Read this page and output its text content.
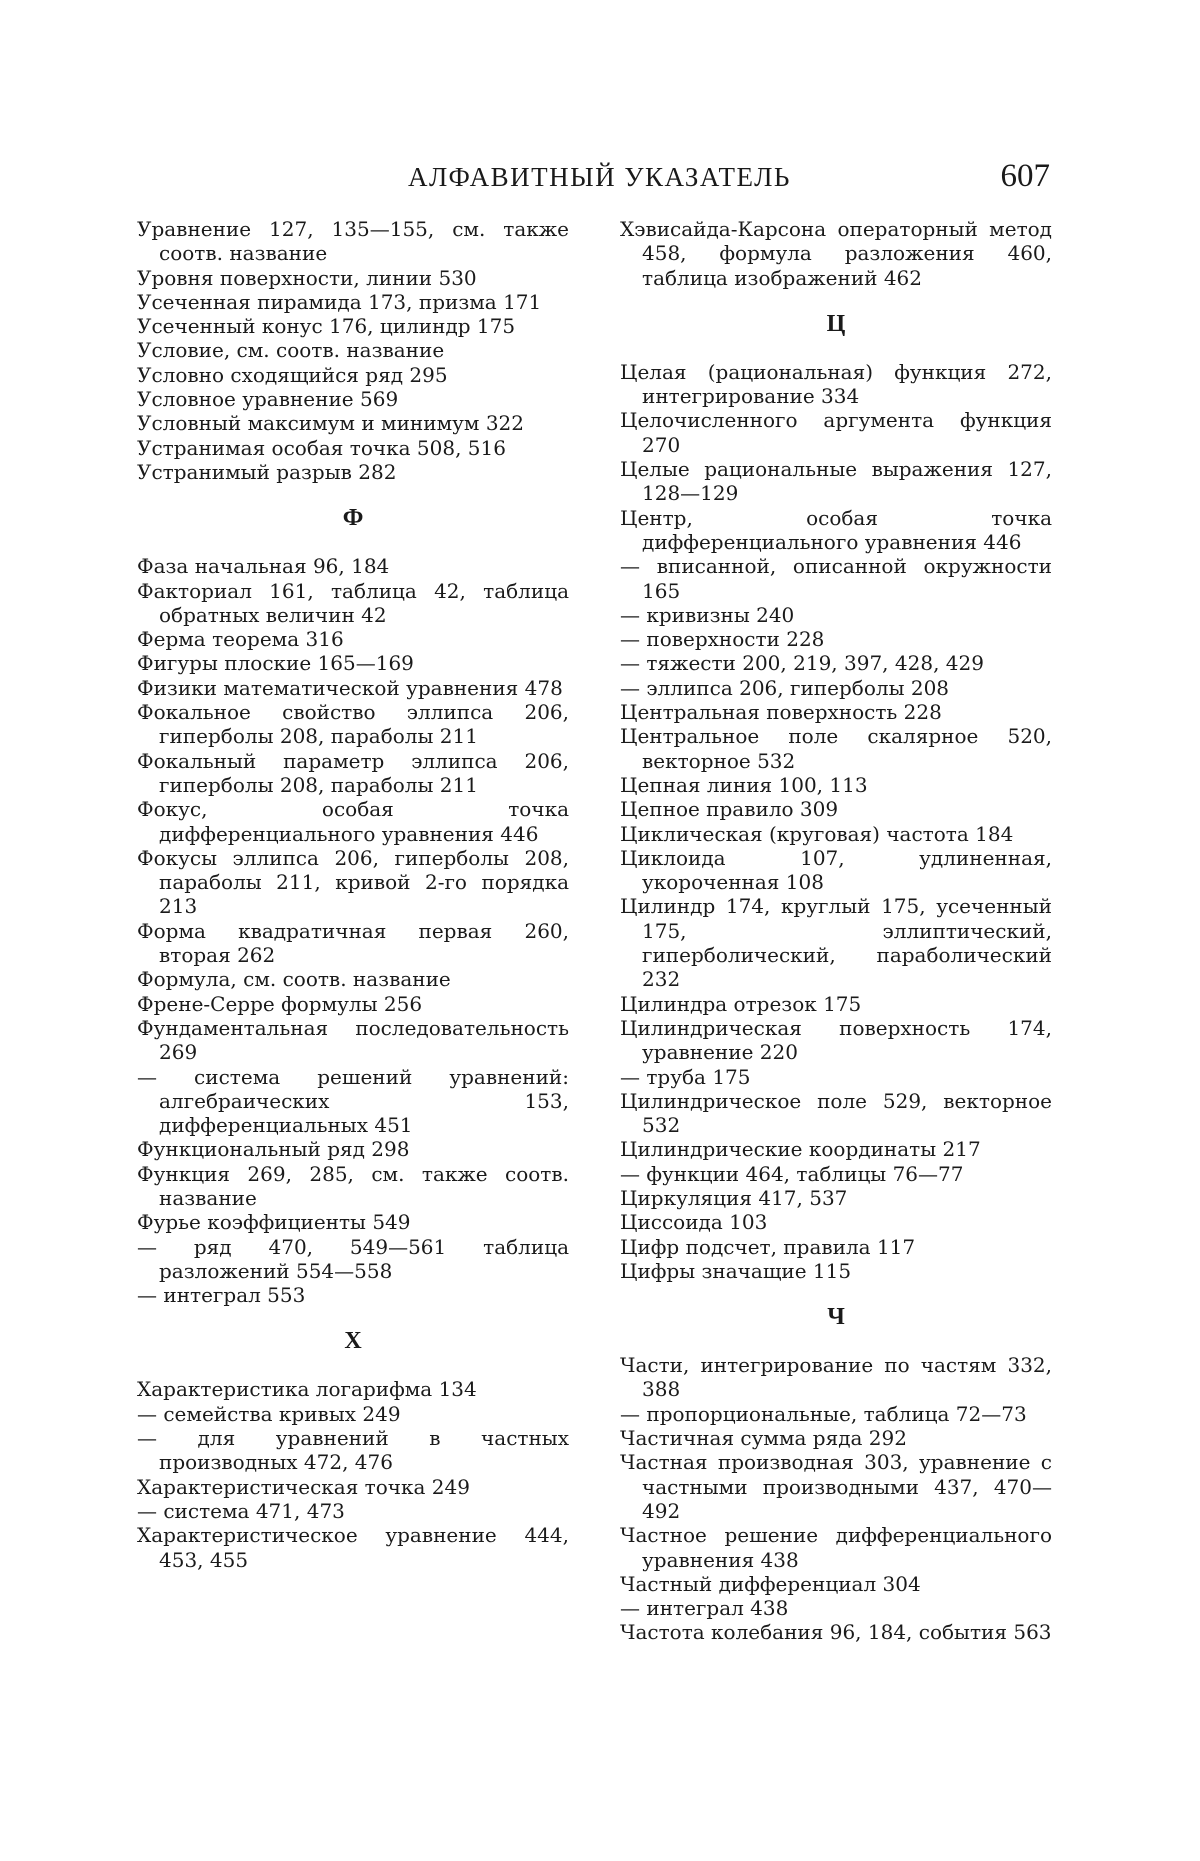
АЛФАВИТНЫЙ УКАЗАТЕЛЬ	607
Уравнение 127, 135—155, см. также соотв. название
Уровня поверхности, линии 530
Усеченная пирамида 173, призма 171
Усеченный конус 176, цилиндр 175
Условие, см. соотв. название
Условно сходящийся ряд 295
Условное уравнение 569
Условный максимум и минимум 322
Устранимая особая точка 508, 516
Устранимый разрыв 282
Ф
Фаза начальная 96, 184
Факториал 161, таблица 42, таблица обратных величин 42
Ферма теорема 316
Фигуры плоские 165—169
Физики математической уравнения 478
Фокальное свойство эллипса 206, гиперболы 208, параболы 211
Фокальный параметр эллипса 206, гиперболы 208, параболы 211
Фокус, особая точка дифференциального уравнения 446
Фокусы эллипса 206, гиперболы 208, параболы 211, кривой 2-го порядка 213
Форма квадратичная первая 260, вторая 262
Формула, см. соотв. название
Френе-Серре формулы 256
Фундаментальная последовательность 269
— система решений уравнений: алгебраических 153, дифференциальных 451
Функциональный ряд 298
Функция 269, 285, см. также соотв. название
Фурье коэффициенты 549
— ряд 470, 549—561 таблица разложений 554—558
— интеграл 553
Х
Характеристика логарифма 134
— семейства кривых 249
— для уравнений в частных производных 472, 476
Характеристическая точка 249
— система 471, 473
Характеристическое уравнение 444, 453, 455
Хэвисайда-Карсона операторный метод 458, формула разложения 460, таблица изображений 462
Ц
Целая (рациональная) функция 272, интегрирование 334
Целочисленного аргумента функция 270
Целые рациональные выражения 127, 128—129
Центр, особая точка дифференциального уравнения 446
— вписанной, описанной окружности 165
— кривизны 240
— поверхности 228
— тяжести 200, 219, 397, 428, 429
— эллипса 206, гиперболы 208
Центральная поверхность 228
Центральное поле скалярное 520, векторное 532
Цепная линия 100, 113
Цепное правило 309
Циклическая (круговая) частота 184
Циклоида 107, удлиненная, укороченная 108
Цилиндр 174, круглый 175, усеченный 175, эллиптический, гиперболический, параболический 232
Цилиндра отрезок 175
Цилиндрическая поверхность 174, уравнение 220
— труба 175
Цилиндрическое поле 529, векторное 532
Цилиндрические координаты 217
— функции 464, таблицы 76—77
Циркуляция 417, 537
Циссоида 103
Цифр подсчет, правила 117
Цифры значащие 115
Ч
Части, интегрирование по частям 332, 388
— пропорциональные, таблица 72—73
Частичная сумма ряда 292
Частная производная 303, уравнение с частными производными 437, 470—492
Частное решение дифференциального уравнения 438
Частный дифференциал 304
— интеграл 438
Частота колебания 96, 184, события 563
